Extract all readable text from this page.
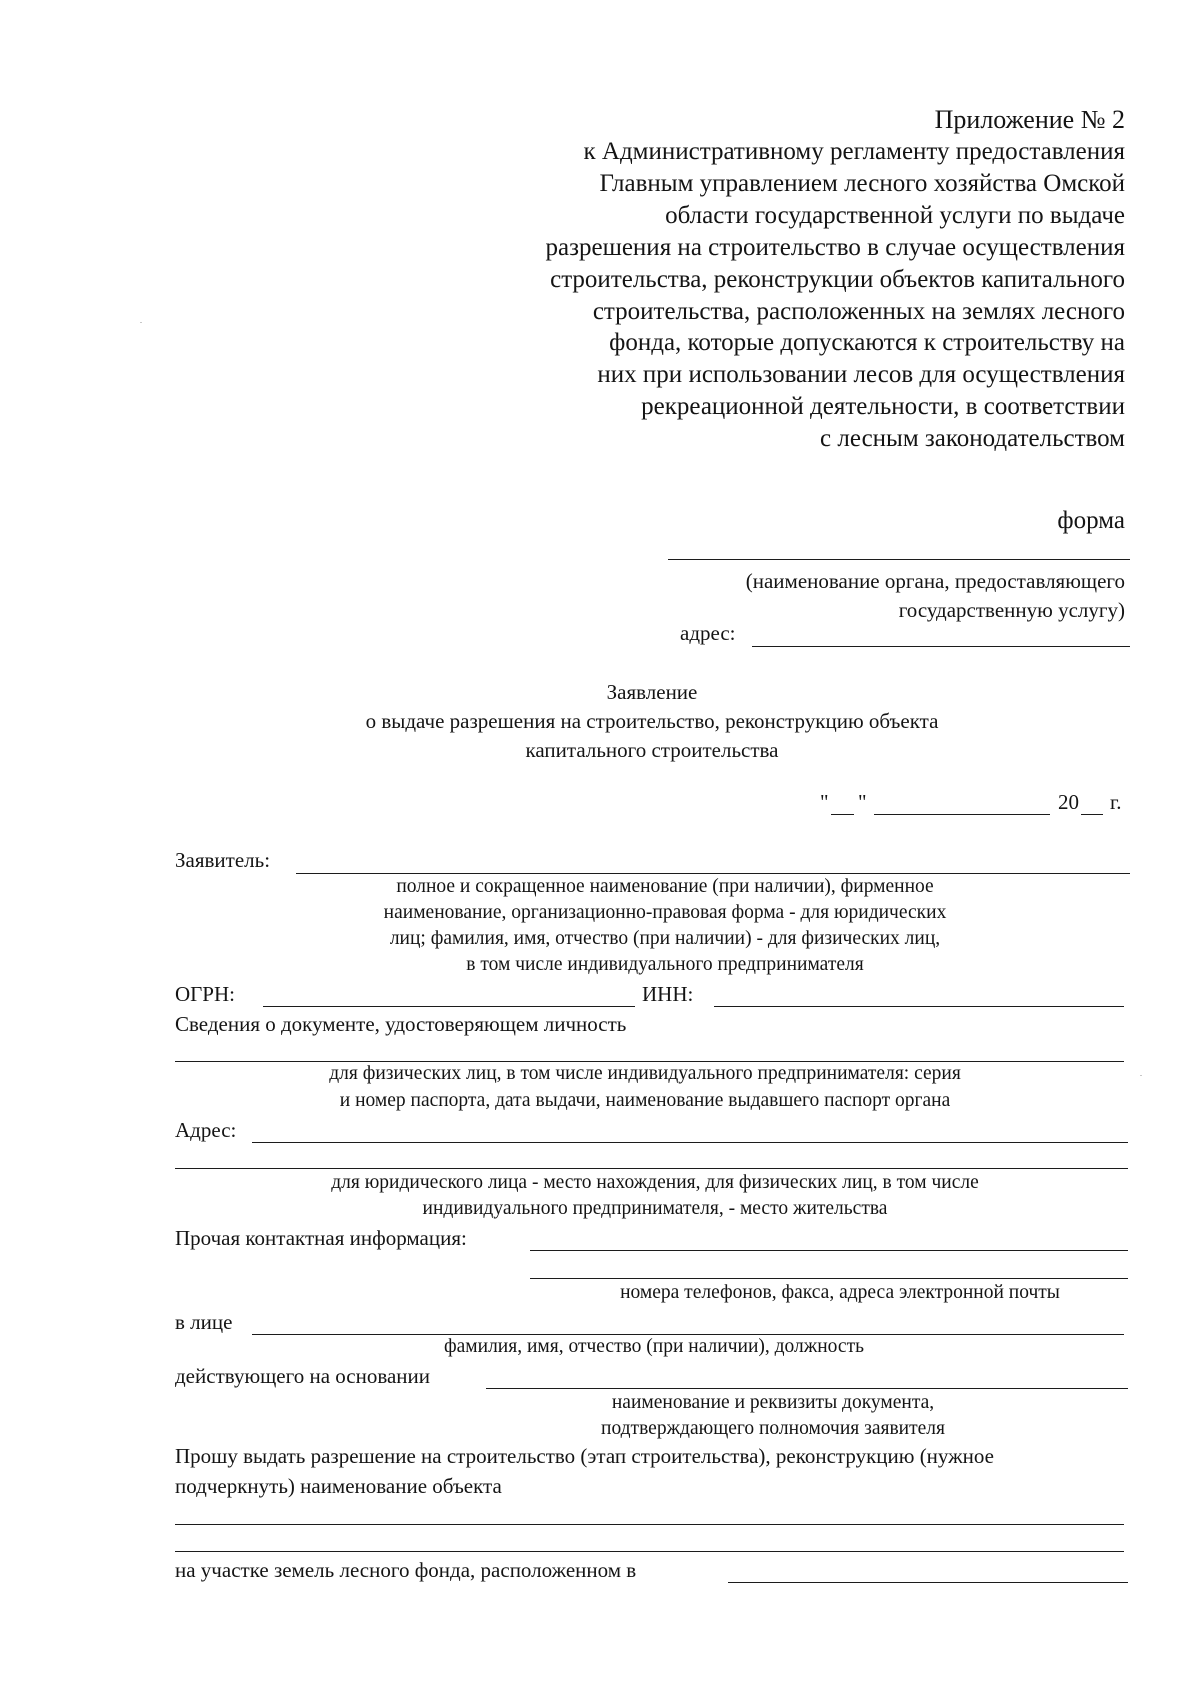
Приложение № 2
к Административному регламенту предоставления
Главным управлением лесного хозяйства Омской
области государственной услуги по выдаче
разрешения на строительство в случае осуществления
строительства, реконструкции объектов капитального
строительства, расположенных на землях лесного
фонда, которые допускаются к строительству на
них при использовании лесов для осуществления
рекреационной деятельности, в соответствии
с лесным законодательством
форма
(наименование органа, предоставляющего
государственную услугу)
адрес:
Заявление
о выдаче разрешения на строительство, реконструкцию объекта
капитального строительства
" "	20 г.
Заявитель:
полное и сокращенное наименование (при наличии), фирменное
наименование, организационно-правовая форма - для юридических
лиц; фамилия, имя, отчество (при наличии) - для физических лиц,
в том числе индивидуального предпринимателя
ОГРН:	ИНН:
Сведения о документе, удостоверяющем личность
для физических лиц, в том числе индивидуального предпринимателя: серия
и номер паспорта, дата выдачи, наименование выдавшего паспорт органа
Адрес:
для юридического лица - место нахождения, для физических лиц, в том числе
индивидуального предпринимателя, - место жительства
Прочая контактная информация:
номера телефонов, факса, адреса электронной почты
в лице
фамилия, имя, отчество (при наличии), должность
действующего на основании
наименование и реквизиты документа,
подтверждающего полномочия заявителя
Прошу выдать разрешение на строительство (этап строительства), реконструкцию (нужное
подчеркнуть) наименование объекта
на участке земель лесного фонда, расположенном в
